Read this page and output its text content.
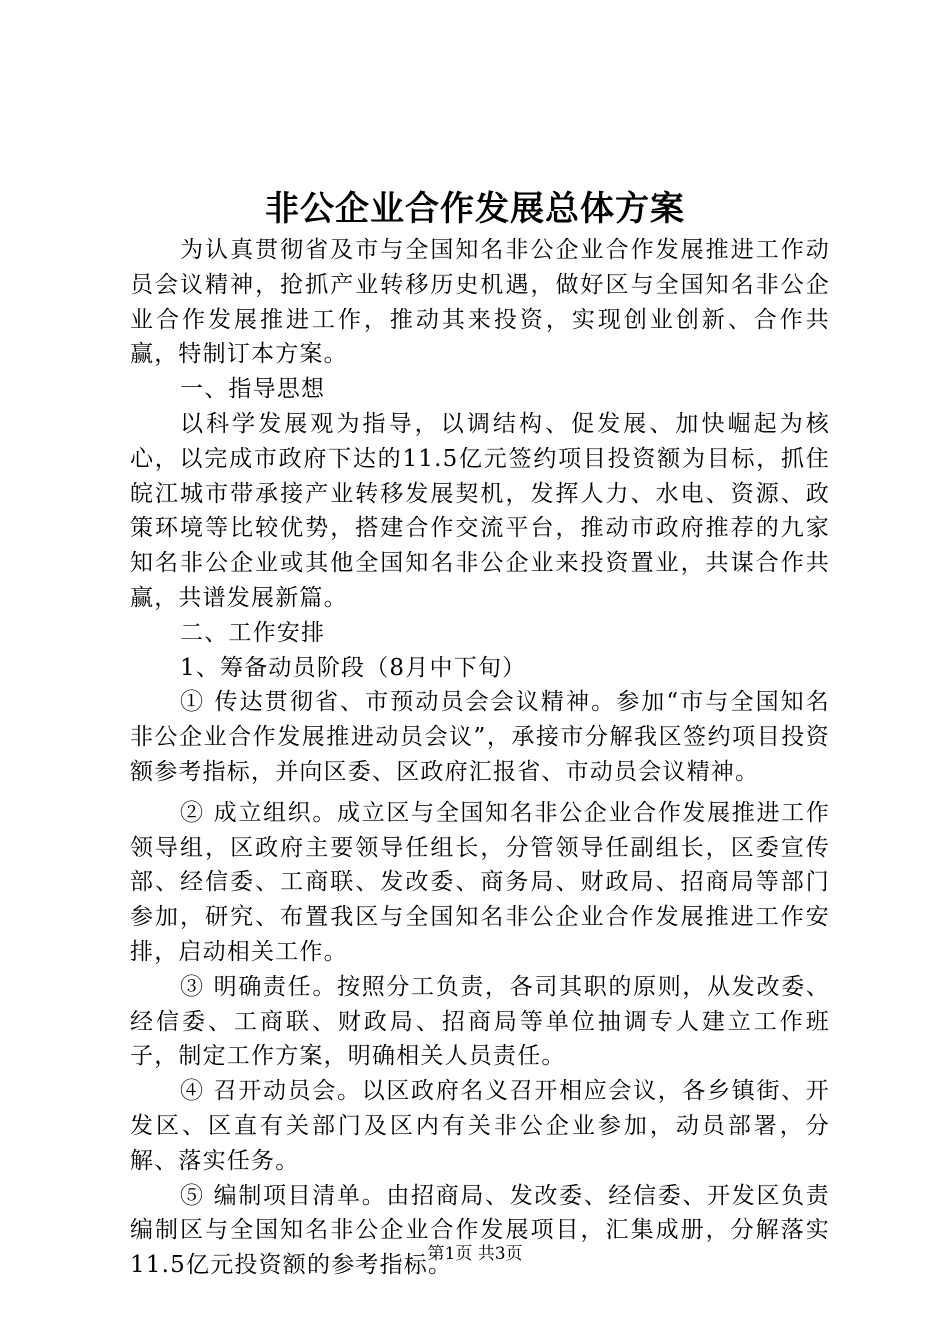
非公企业合作发展总体方案

为认真贯彻省及市与全国知名非公企业合作发展推进工作动员会议精神，抢抓产业转移历史机遇，做好区与全国知名非公企业合作发展推进工作，推动其来投资，实现创业创新、合作共赢，特制订本方案。

一、指导思想

以科学发展观为指导，以调结构、促发展、加快崛起为核心，以完成市政府下达的11.5亿元签约项目投资额为目标，抓住皖江城市带承接产业转移发展契机，发挥人力、水电、资源、政策环境等比较优势，搭建合作交流平台，推动市政府推荐的九家知名非公企业或其他全国知名非公企业来投资置业，共谋合作共赢，共谱发展新篇。

二、工作安排

1、筹备动员阶段（8月中下旬）

① 传达贯彻省、市预动员会会议精神。参加“市与全国知名非公企业合作发展推进动员会议”，承接市分解我区签约项目投资额参考指标，并向区委、区政府汇报省、市动员会议精神。

② 成立组织。成立区与全国知名非公企业合作发展推进工作领导组，区政府主要领导任组长，分管领导任副组长，区委宣传部、经信委、工商联、发改委、商务局、财政局、招商局等部门参加，研究、布置我区与全国知名非公企业合作发展推进工作安排，启动相关工作。

③ 明确责任。按照分工负责，各司其职的原则，从发改委、经信委、工商联、财政局、招商局等单位抽调专人建立工作班子，制定工作方案，明确相关人员责任。

④ 召开动员会。以区政府名义召开相应会议，各乡镇街、开发区、区直有关部门及区内有关非公企业参加，动员部署，分解、落实任务。

⑤ 编制项目清单。由招商局、发改委、经信委、开发区负责编制区与全国知名非公企业合作发展项目，汇集成册，分解落实11.5亿元投资额的参考指标。

第1页 共3页
